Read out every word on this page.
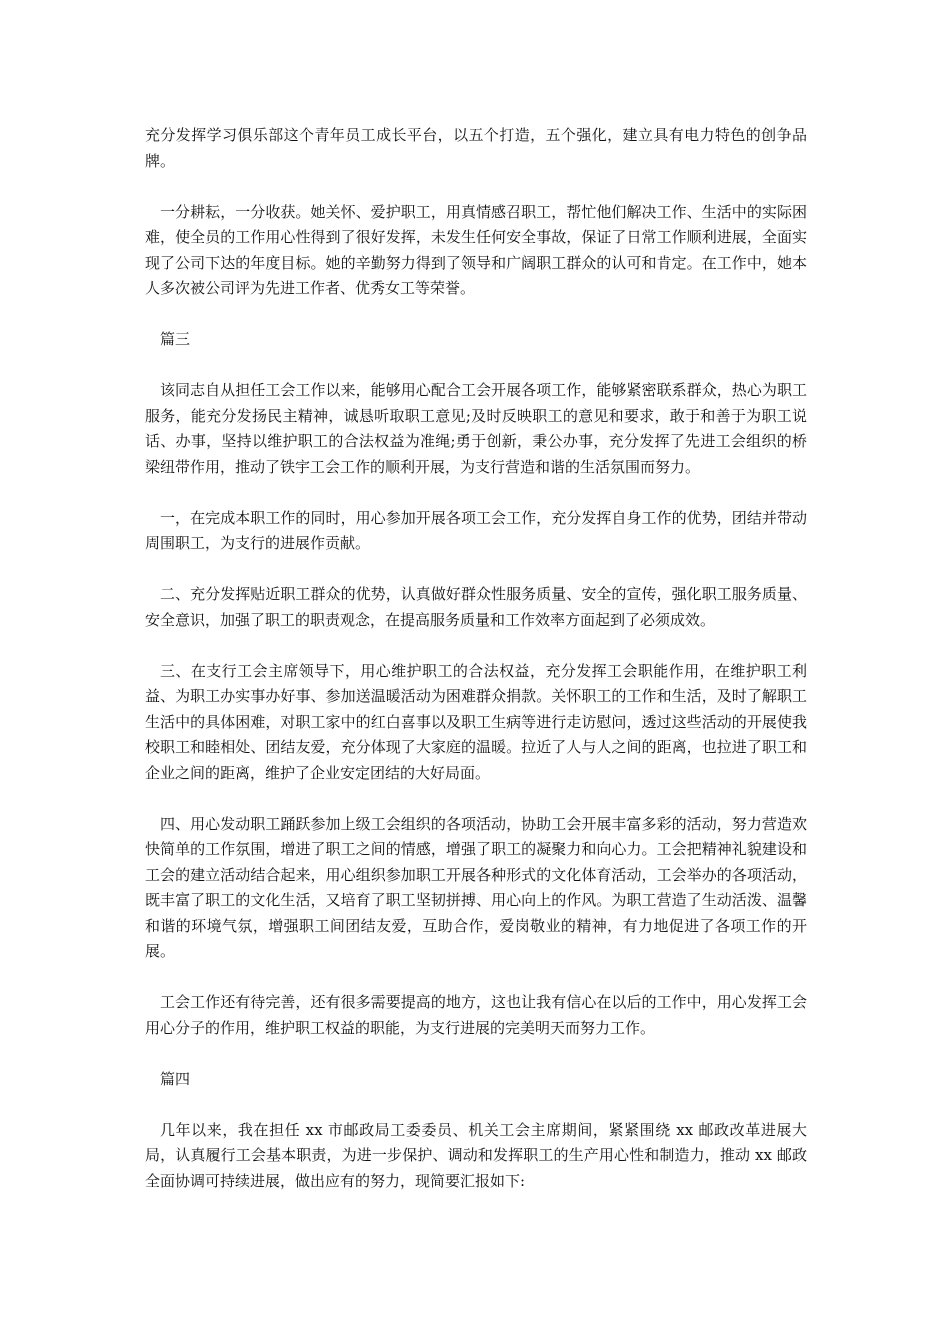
充分发挥学习俱乐部这个青年员工成长平台，以五个打造，五个强化，建立具有电力特色的创争品牌。

一分耕耘，一分收获。她关怀、爱护职工，用真情感召职工，帮忙他们解决工作、生活中的实际困难，使全员的工作用心性得到了很好发挥，未发生任何安全事故，保证了日常工作顺利进展，全面实现了公司下达的年度目标。她的辛勤努力得到了领导和广阔职工群众的认可和肯定。在工作中，她本人多次被公司评为先进工作者、优秀女工等荣誉。

篇三

该同志自从担任工会工作以来，能够用心配合工会开展各项工作，能够紧密联系群众，热心为职工服务，能充分发扬民主精神，诚恳听取职工意见;及时反映职工的意见和要求，敢于和善于为职工说话、办事，坚持以维护职工的合法权益为准绳;勇于创新，秉公办事，充分发挥了先进工会组织的桥梁纽带作用，推动了铁宇工会工作的顺利开展，为支行营造和谐的生活氛围而努力。

一，在完成本职工作的同时，用心参加开展各项工会工作，充分发挥自身工作的优势，团结并带动周围职工，为支行的进展作贡献。

二、充分发挥贴近职工群众的优势，认真做好群众性服务质量、安全的宣传，强化职工服务质量、安全意识，加强了职工的职责观念，在提高服务质量和工作效率方面起到了必须成效。

三、在支行工会主席领导下，用心维护职工的合法权益，充分发挥工会职能作用，在维护职工利益、为职工办实事办好事、参加送温暖活动为困难群众捐款。关怀职工的工作和生活，及时了解职工生活中的具体困难，对职工家中的红白喜事以及职工生病等进行走访慰问，透过这些活动的开展使我校职工和睦相处、团结友爱，充分体现了大家庭的温暖。拉近了人与人之间的距离，也拉进了职工和企业之间的距离，维护了企业安定团结的大好局面。

四、用心发动职工踊跃参加上级工会组织的各项活动，协助工会开展丰富多彩的活动，努力营造欢快简单的工作氛围，增进了职工之间的情感，增强了职工的凝聚力和向心力。工会把精神礼貌建设和工会的建立活动结合起来，用心组织参加职工开展各种形式的文化体育活动，工会举办的各项活动，既丰富了职工的文化生活，又培育了职工坚韧拼搏、用心向上的作风。为职工营造了生动活泼、温馨和谐的环境气氛，增强职工间团结友爱，互助合作，爱岗敬业的精神，有力地促进了各项工作的开展。

工会工作还有待完善，还有很多需要提高的地方，这也让我有信心在以后的工作中，用心发挥工会用心分子的作用，维护职工权益的职能，为支行进展的完美明天而努力工作。

篇四

几年以来，我在担任 xx 市邮政局工委委员、机关工会主席期间，紧紧围绕 xx 邮政改革进展大局，认真履行工会基本职责，为进一步保护、调动和发挥职工的生产用心性和制造力，推动 xx 邮政全面协调可持续进展，做出应有的努力，现简要汇报如下:
